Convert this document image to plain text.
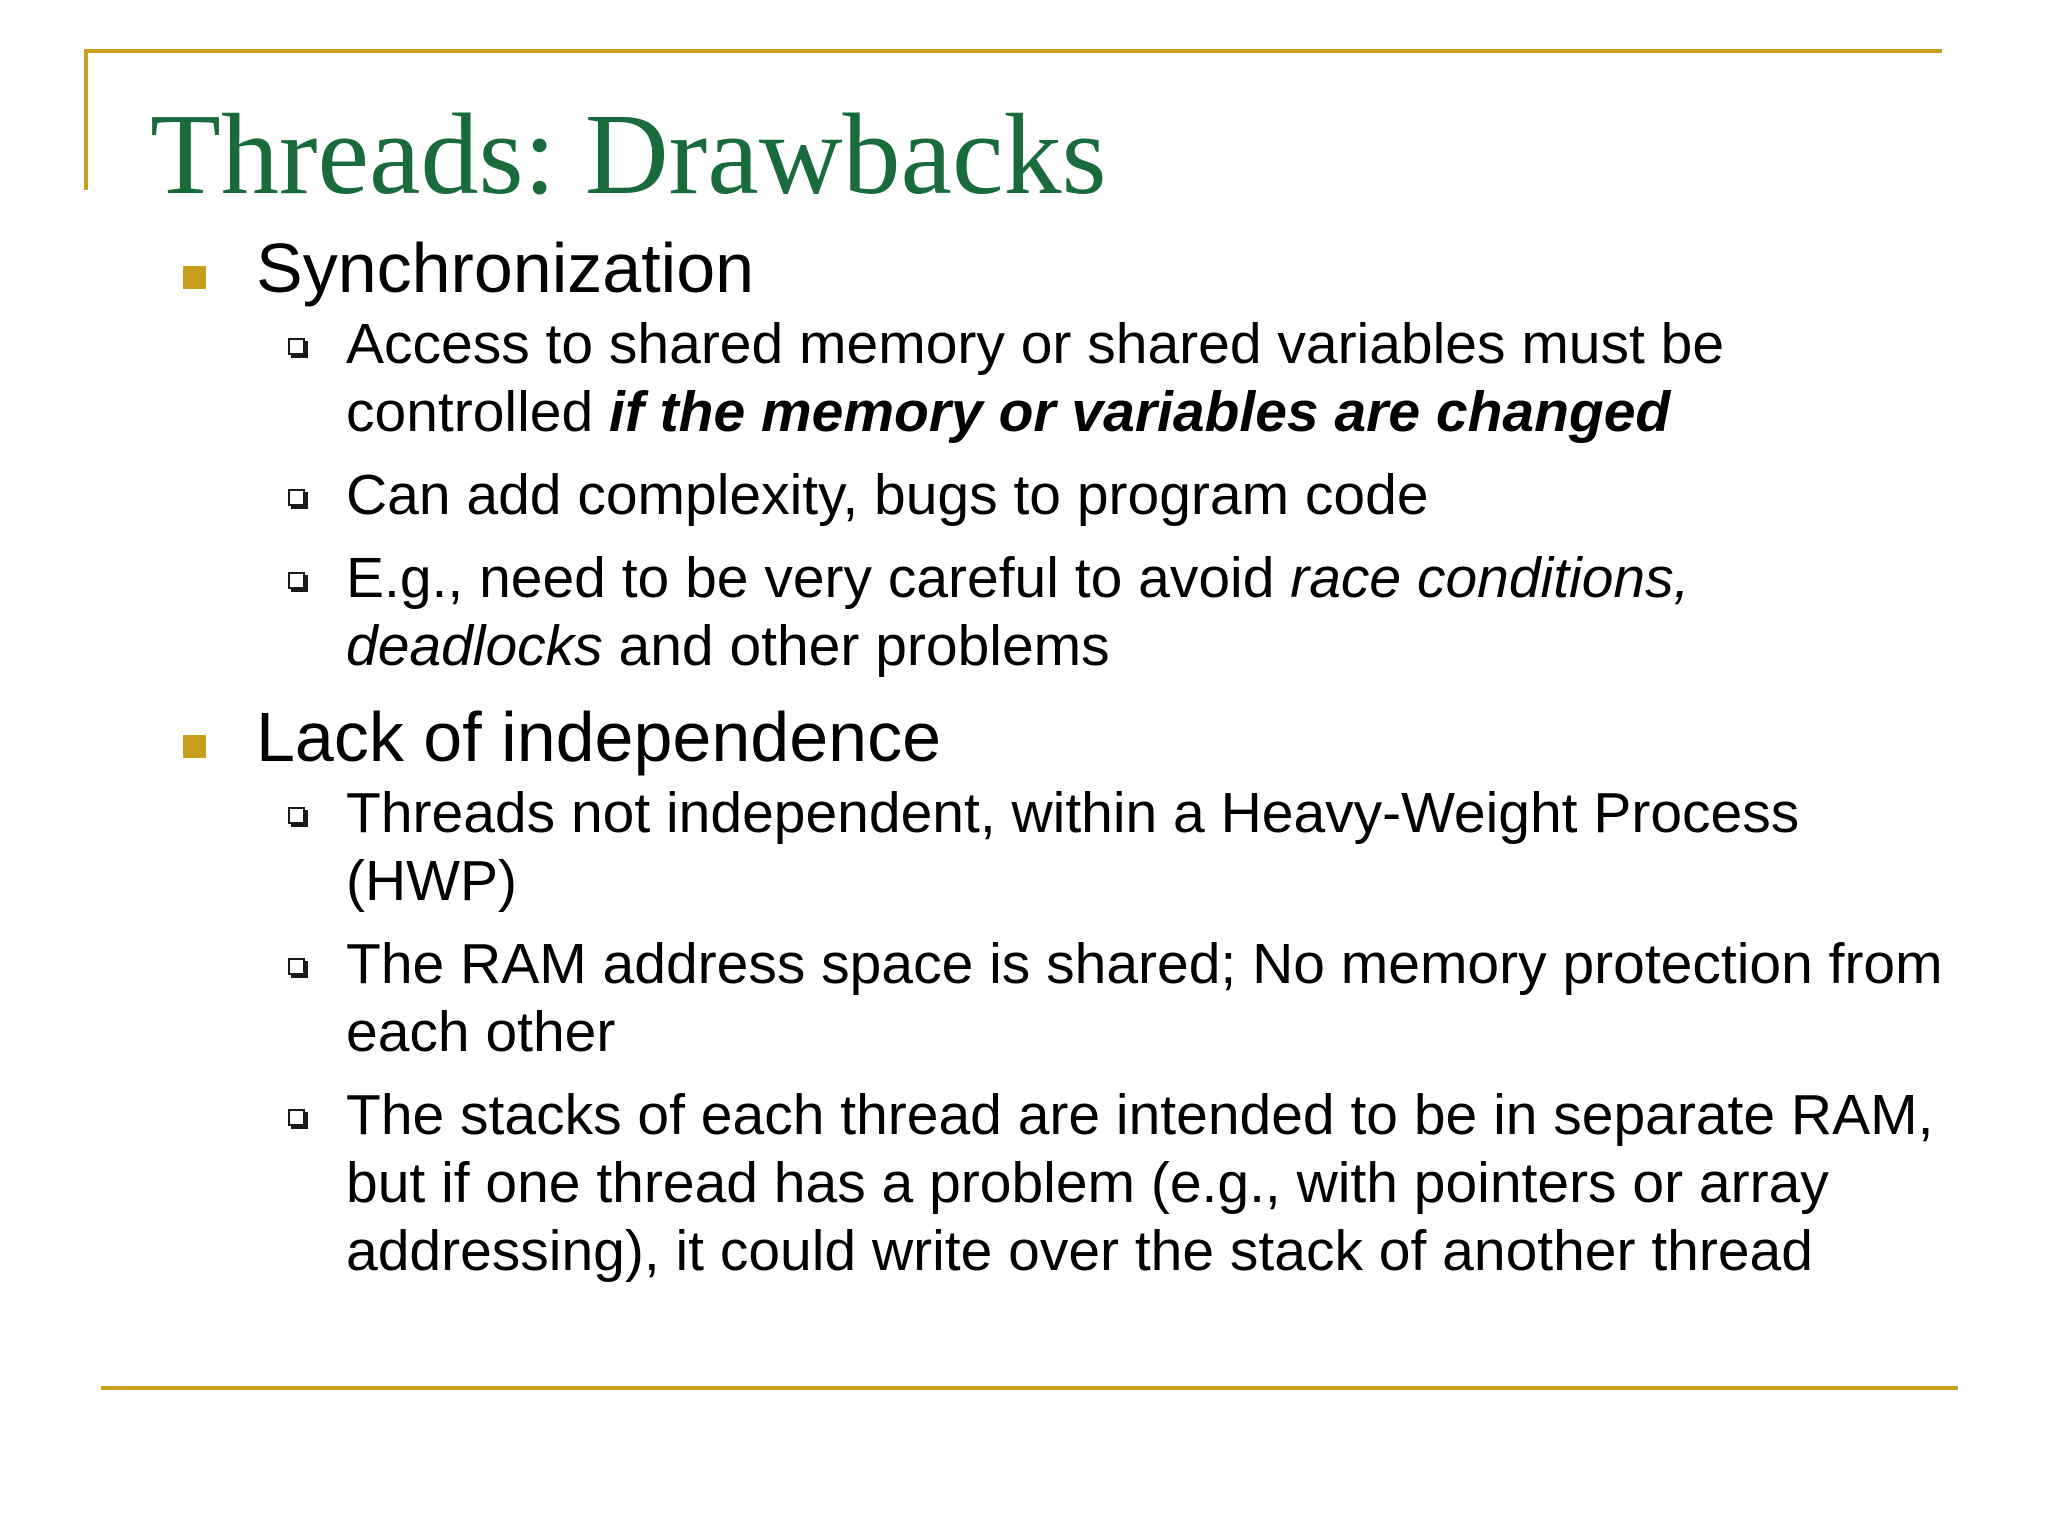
Threads: Drawbacks
Synchronization
Access to shared memory or shared variables must be controlled if the memory or variables are changed
Can add complexity, bugs to program code
E.g., need to be very careful to avoid race conditions, deadlocks and other problems
Lack of independence
Threads not independent, within a Heavy-Weight Process (HWP)
The RAM address space is shared; No memory protection from each other
The stacks of each thread are intended to be in separate RAM, but if one thread has a problem (e.g., with pointers or array addressing), it could write over the stack of another thread
